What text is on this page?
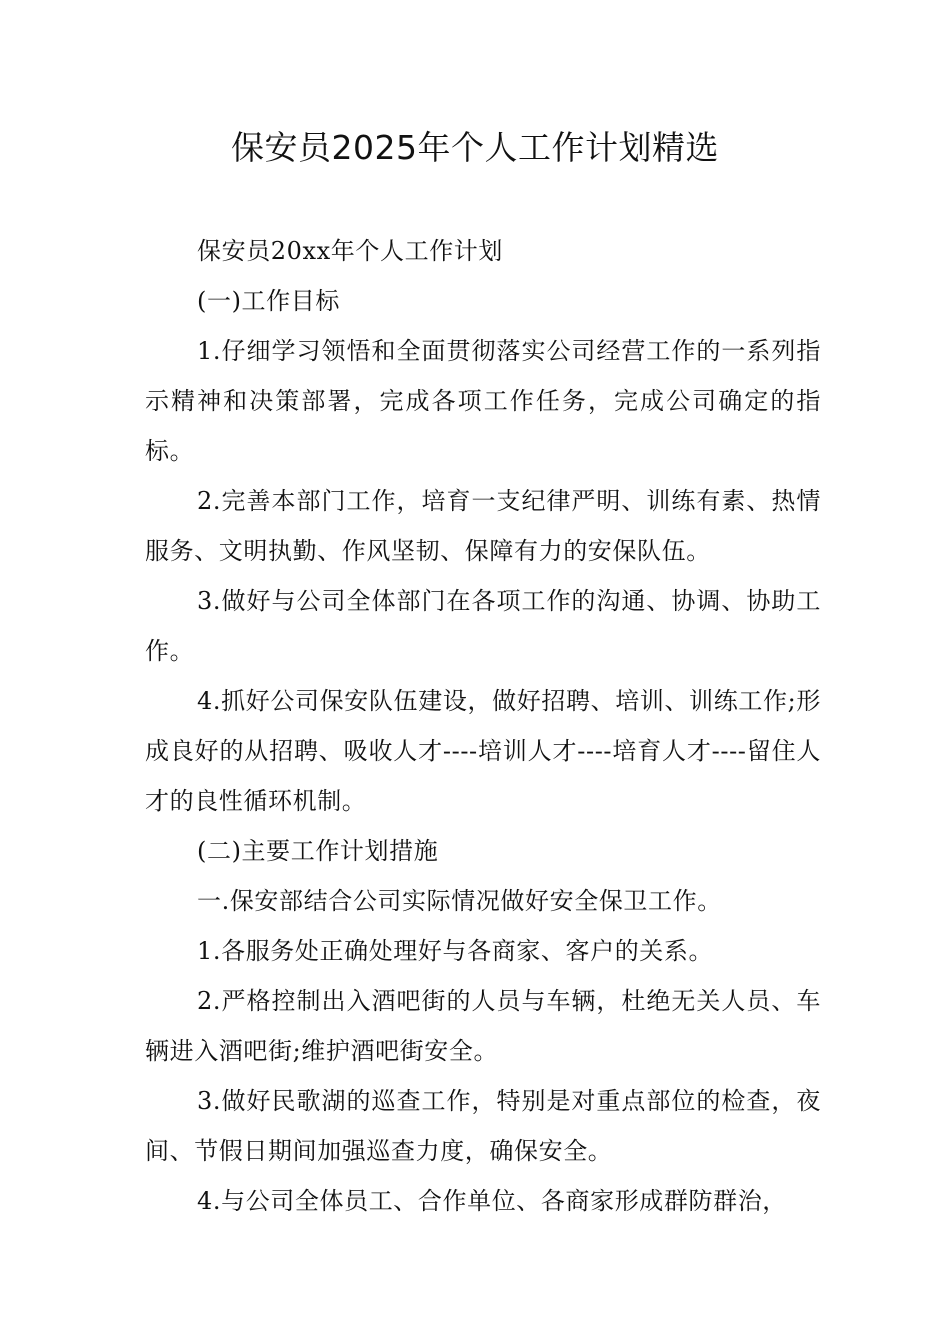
保安员2025年个人工作计划精选

保安员20xx年个人工作计划

(一)工作目标

1.仔细学习领悟和全面贯彻落实公司经营工作的一系列指示精神和决策部署，完成各项工作任务，完成公司确定的指标。

2.完善本部门工作，培育一支纪律严明、训练有素、热情服务、文明执勤、作风坚韧、保障有力的安保队伍。

3.做好与公司全体部门在各项工作的沟通、协调、协助工作。

4.抓好公司保安队伍建设，做好招聘、培训、训练工作;形成良好的从招聘、吸收人才----培训人才----培育人才----留住人才的良性循环机制。

(二)主要工作计划措施

一.保安部结合公司实际情况做好安全保卫工作。

1.各服务处正确处理好与各商家、客户的关系。

2.严格控制出入酒吧街的人员与车辆，杜绝无关人员、车辆进入酒吧街;维护酒吧街安全。

3.做好民歌湖的巡查工作，特别是对重点部位的检查，夜间、节假日期间加强巡查力度，确保安全。

4.与公司全体员工、合作单位、各商家形成群防群治，
